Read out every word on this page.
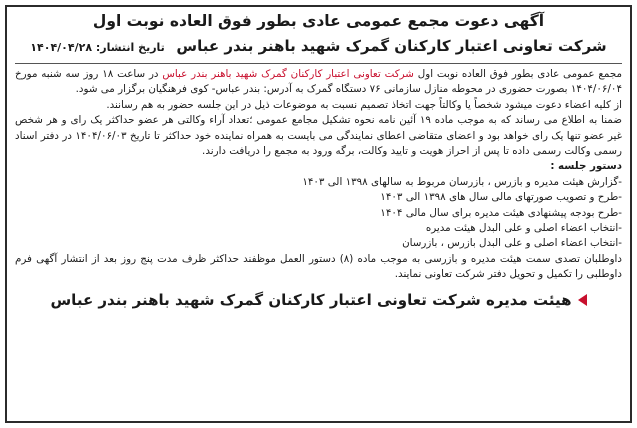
آگهی دعوت مجمع عمومی عادی بطور فوق العاده نوبت اول
شرکت تعاونی اعتبار کارکنان گمرک شهید باهنر بندر عباس تاریخ انتشار: ۱۴۰۴/۰۴/۲۸

مجمع عمومی عادی بطور فوق العاده نوبت اول شرکت تعاونی اعتبار کارکنان گمرک شهید باهنر بندر عباس در ساعت ۱۸ روز سه شنبه مورخ ۱۴۰۴/۰۶/۰۴ بصورت حضوری در محوطه منازل سازمانی ۷۶ دستگاه گمرک به آدرس: بندر عباس- کوی فرهنگیان برگزار می شود.

از کلیه اعضاء دعوت میشود شخصاً یا وکالتاً جهت اتخاذ تصمیم نسبت به موضوعات ذیل در این جلسه حضور به هم رسانند.

ضمنا به اطلاع می رساند که به موجب ماده ۱۹ آئین نامه نحوه تشکیل مجامع عمومی ؛تعداد آراء وکالتی هر عضو حداکثر یک رای و هر شخص غیر عضو تنها یک رای خواهد بود و اعضای متقاضی اعطای نمایندگی می بایست به همراه نماینده خود حداکثر تا تاریخ ۱۴۰۴/۰۶/۰۳ در دفتر اسناد رسمی وکالت رسمی داده تا پس از احراز هویت و تایید وکالت، برگه ورود به مجمع را دریافت دارند.

دستور جلسه :

-گزارش هیئت مدیره و بازرس ، بازرسان مربوط به سالهای ۱۳۹۸ الی ۱۴۰۳
-طرح و تصویب صورتهای مالی سال های ۱۳۹۸ الی ۱۴۰۳
-طرح بودجه پیشنهادی هیئت مدیره برای سال مالی ۱۴۰۴
-انتخاب اعضاء اصلی و علی البدل هیئت مدیره
-انتخاب اعضاء اصلی و علی البدل بازرس ، بازرسان

داوطلبان تصدی سمت هیئت مدیره و بازرسی به موجب ماده (۸) دستور العمل موظفند حداکثر ظرف مدت پنج روز بعد از انتشار آگهی فرم داوطلبی را تکمیل و تحویل دفتر شرکت تعاونی نمایند.

هیئت مدیره شرکت تعاونی اعتبار کارکنان گمرک شهید باهنر بندر عباس
